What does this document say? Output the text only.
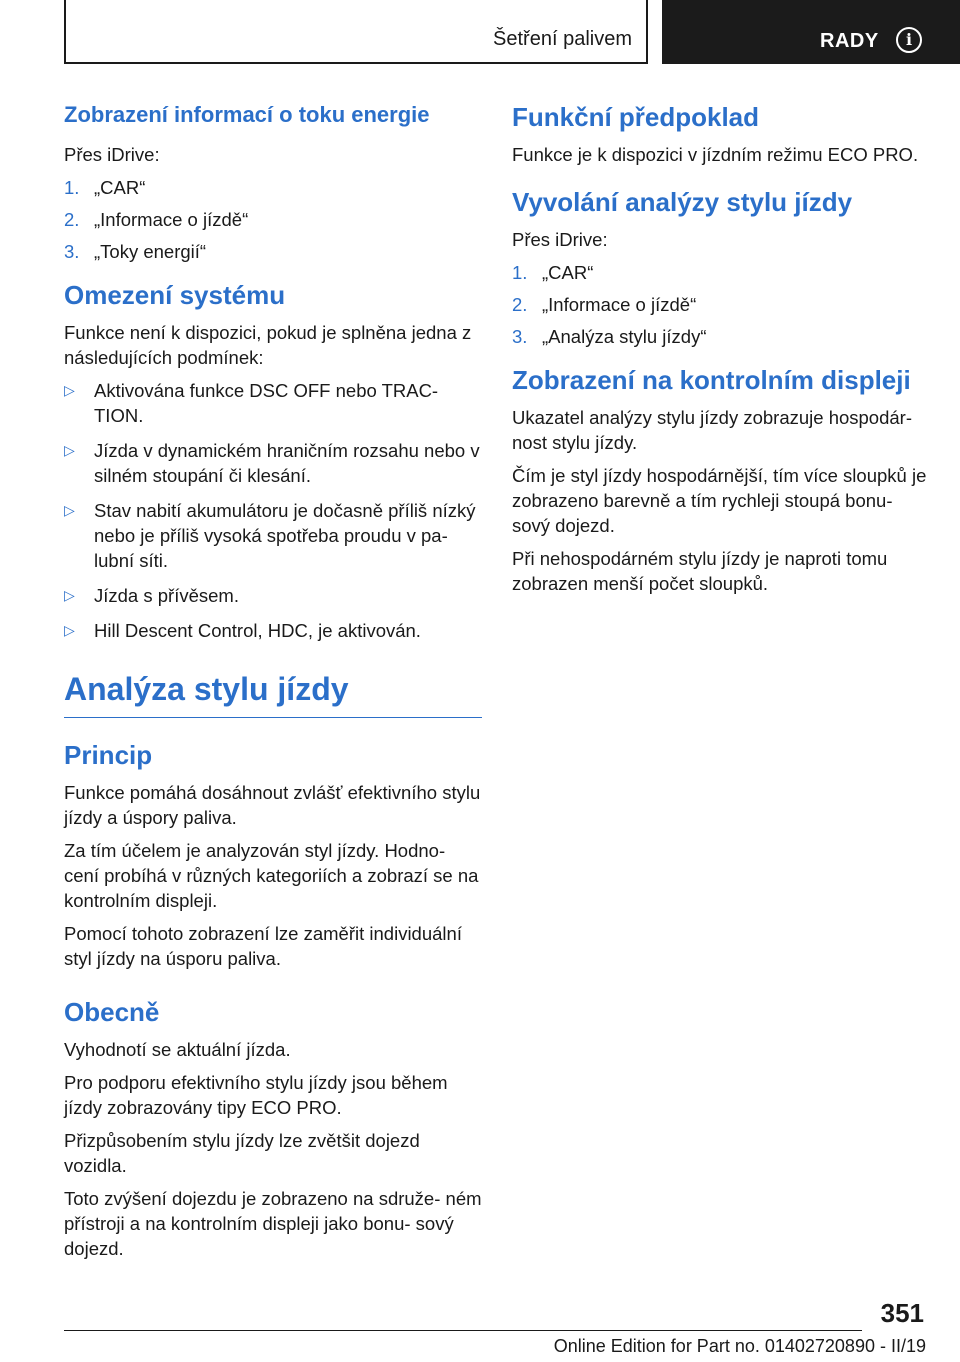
Šetření palivem	RADY	i
Zobrazení informací o toku energie

Přes iDrive:

1. „CAR“
2. „Informace o jízdě“
3. „Toky energií“
Omezení systému

Funkce není k dispozici, pokud je splněna jedna z následujících podmínek:

▷ Aktivována funkce DSC OFF nebo TRAC‐ TION.
▷ Jízda v dynamickém hraničním rozsahu nebo v silném stoupání či klesání.
▷ Stav nabití akumulátoru je dočasně příliš nízký nebo je příliš vysoká spotřeba proudu v pa‐ lubní síti.
▷ Jízda s přívěsem.
▷ Hill Descent Control, HDC, je aktivován.
Analýza stylu jízdy
Princip

Funkce pomáhá dosáhnout zvlášť efektivního stylu jízdy a úspory paliva.

Za tím účelem je analyzován styl jízdy. Hodno‐ cení probíhá v různých kategoriích a zobrazí se na kontrolním displeji.

Pomocí tohoto zobrazení lze zaměřit individuální styl jízdy na úsporu paliva.

Obecně

Vyhodnotí se aktuální jízda.

Pro podporu efektivního stylu jízdy jsou během jízdy zobrazovány tipy ECO PRO.

Přizpůsobením stylu jízdy lze zvětšit dojezd vozidla.

Toto zvýšení dojezdu je zobrazeno na sdruže‐ ném přístroji a na kontrolním displeji jako bonu‐ sový dojezd.

Funkční předpoklad

Funkce je k dispozici v jízdním režimu ECO PRO.

Vyvolání analýzy stylu jízdy

Přes iDrive:

1. „CAR“
2. „Informace o jízdě“
3. „Analýza stylu jízdy“
Zobrazení na kontrolním displeji

Ukazatel analýzy stylu jízdy zobrazuje hospodár‐ nost stylu jízdy.

Čím je styl jízdy hospodárnější, tím více sloupků je zobrazeno barevně a tím rychleji stoupá bonu‐ sový dojezd.

Při nehospodárném stylu jízdy je naproti tomu zobrazen menší počet sloupků.

351
Online Edition for Part no. 01402720890 - II/19
